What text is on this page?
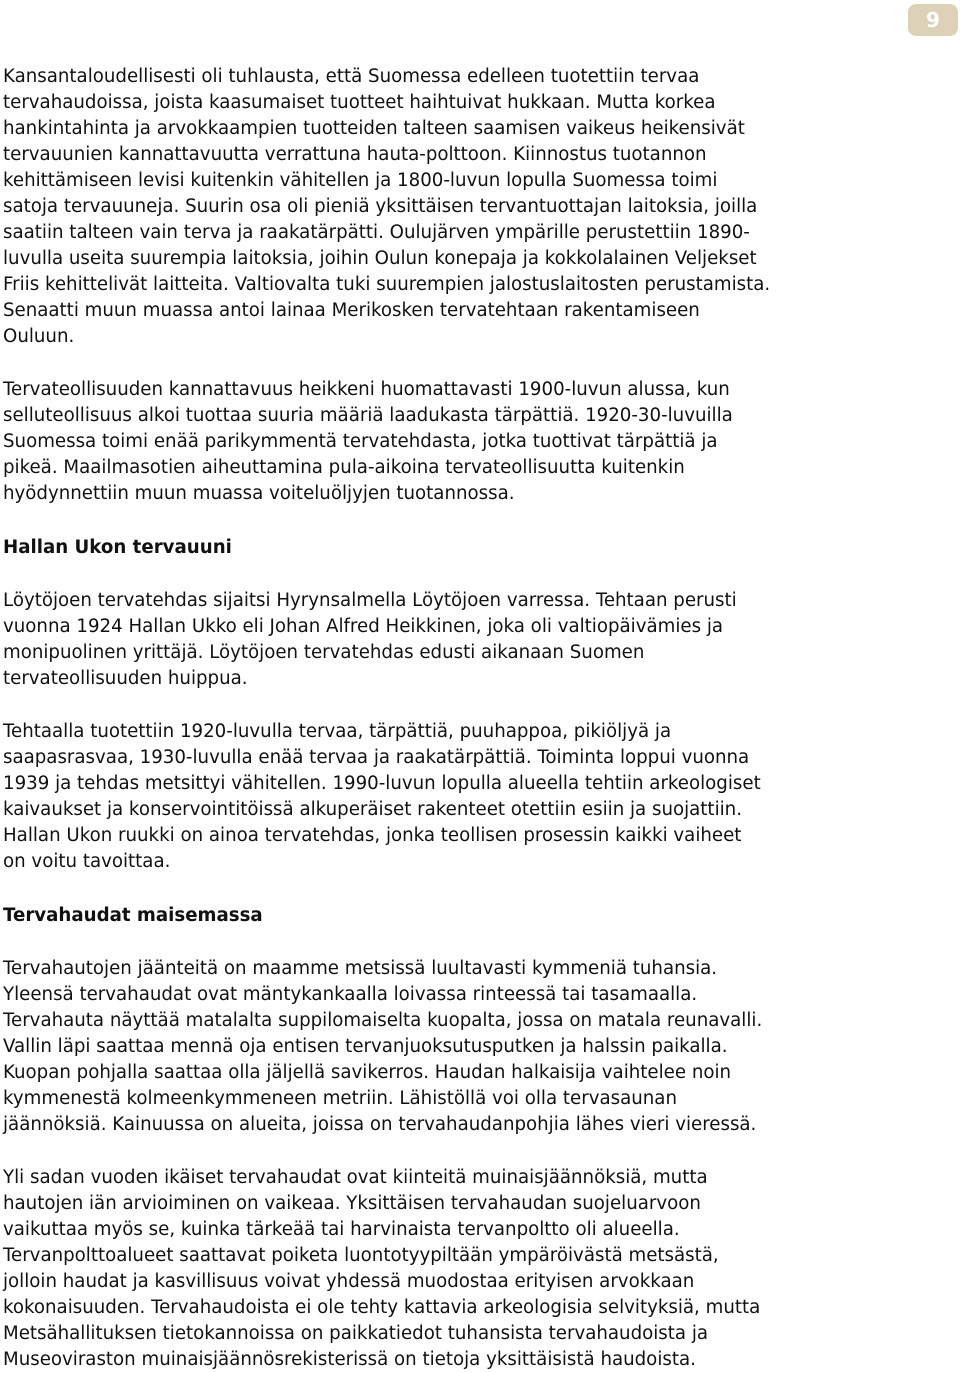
9

Kansantaloudellisesti oli tuhlausta, että Suomessa edelleen tuotettiin tervaa
tervahaudoissa, joista kaasumaiset tuotteet haihtuivat hukkaan. Mutta korkea
hankintahinta ja arvokkaampien tuotteiden talteen saamisen vaikeus heikensivät
tervauunien kannattavuutta verrattuna hauta-polttoon. Kiinnostus tuotannon
kehittämiseen levisi kuitenkin vähitellen ja 1800-luvun lopulla Suomessa toimi
satoja tervauuneja. Suurin osa oli pieniä yksittäisen tervantuottajan laitoksia, joilla
saatiin talteen vain terva ja raakatärpätti. Oulujärven ympärille perustettiin 1890-
luvulla useita suurempia laitoksia, joihin Oulun konepaja ja kokkolalainen Veljekset
Friis kehittelivät laitteita. Valtiovalta tuki suurempien jalostuslaitosten perustamista.
Senaatti muun muassa antoi lainaa Merikosken tervatehtaan rakentamiseen
Ouluun.

Tervateollisuuden kannattavuus heikkeni huomattavasti 1900-luvun alussa, kun
selluteollisuus alkoi tuottaa suuria määriä laadukasta tärpättiä. 1920-30-luvuilla
Suomessa toimi enää parikymmentä tervatehdasta, jotka tuottivat tärpättiä ja
pikeä. Maailmasotien aiheuttamina pula-aikoina tervateollisuutta kuitenkin
hyödynnettiin muun muassa voiteluöljyjen tuotannossa.

Hallan Ukon tervauuni

Löytöjoen tervatehdas sijaitsi Hyrynsalmella Löytöjoen varressa. Tehtaan perusti
vuonna 1924 Hallan Ukko eli Johan Alfred Heikkinen, joka oli valtiopäivämies ja
monipuolinen yrittäjä. Löytöjoen tervatehdas edusti aikanaan Suomen
tervateollisuuden huippua.

Tehtaalla tuotettiin 1920-luvulla tervaa, tärpättiä, puuhappoa, pikiöljyä ja
saapasrasvaa, 1930-luvulla enää tervaa ja raakatärpättiä. Toiminta loppui vuonna
1939 ja tehdas metsittyi vähitellen. 1990-luvun lopulla alueella tehtiin arkeologiset
kaivaukset ja konservointitöissä alkuperäiset rakenteet otettiin esiin ja suojattiin.
Hallan Ukon ruukki on ainoa tervatehdas, jonka teollisen prosessin kaikki vaiheet
on voitu tavoittaa.

Tervahaudat maisemassa

Tervahautojen jäänteitä on maamme metsissä luultavasti kymmeniä tuhansia.
Yleensä tervahaudat ovat mäntykankaalla loivassa rinteessä tai tasamaalla.
Tervahauta näyttää matalalta suppilomaiselta kuopalta, jossa on matala reunavalli.
Vallin läpi saattaa mennä oja entisen tervanjuoksutusputken ja halssin paikalla.
Kuopan pohjalla saattaa olla jäljellä savikerros. Haudan halkaisija vaihtelee noin
kymmenestä kolmeenkymmeneen metriin. Lähistöllä voi olla tervasaunan
jäännöksiä. Kainuussa on alueita, joissa on tervahaudanpohjia lähes vieri vieressä.

Yli sadan vuoden ikäiset tervahaudat ovat kiinteitä muinaisjäännöksiä, mutta
hautojen iän arvioiminen on vaikeaa. Yksittäisen tervahaudan suojeluarvoon
vaikuttaa myös se, kuinka tärkeää tai harvinaista tervanpoltto oli alueella.
Tervanpolttoalueet saattavat poiketa luontotyypiltään ympäröivästä metsästä,
jolloin haudat ja kasvillisuus voivat yhdessä muodostaa erityisen arvokkaan
kokonaisuuden. Tervahaudoista ei ole tehty kattavia arkeologisia selvityksiä, mutta
Metsähallituksen tietokannoissa on paikkatiedot tuhansista tervahaudoista ja
Museoviraston muinaisjäännösrekisterissä on tietoja yksittäisistä haudoista.
